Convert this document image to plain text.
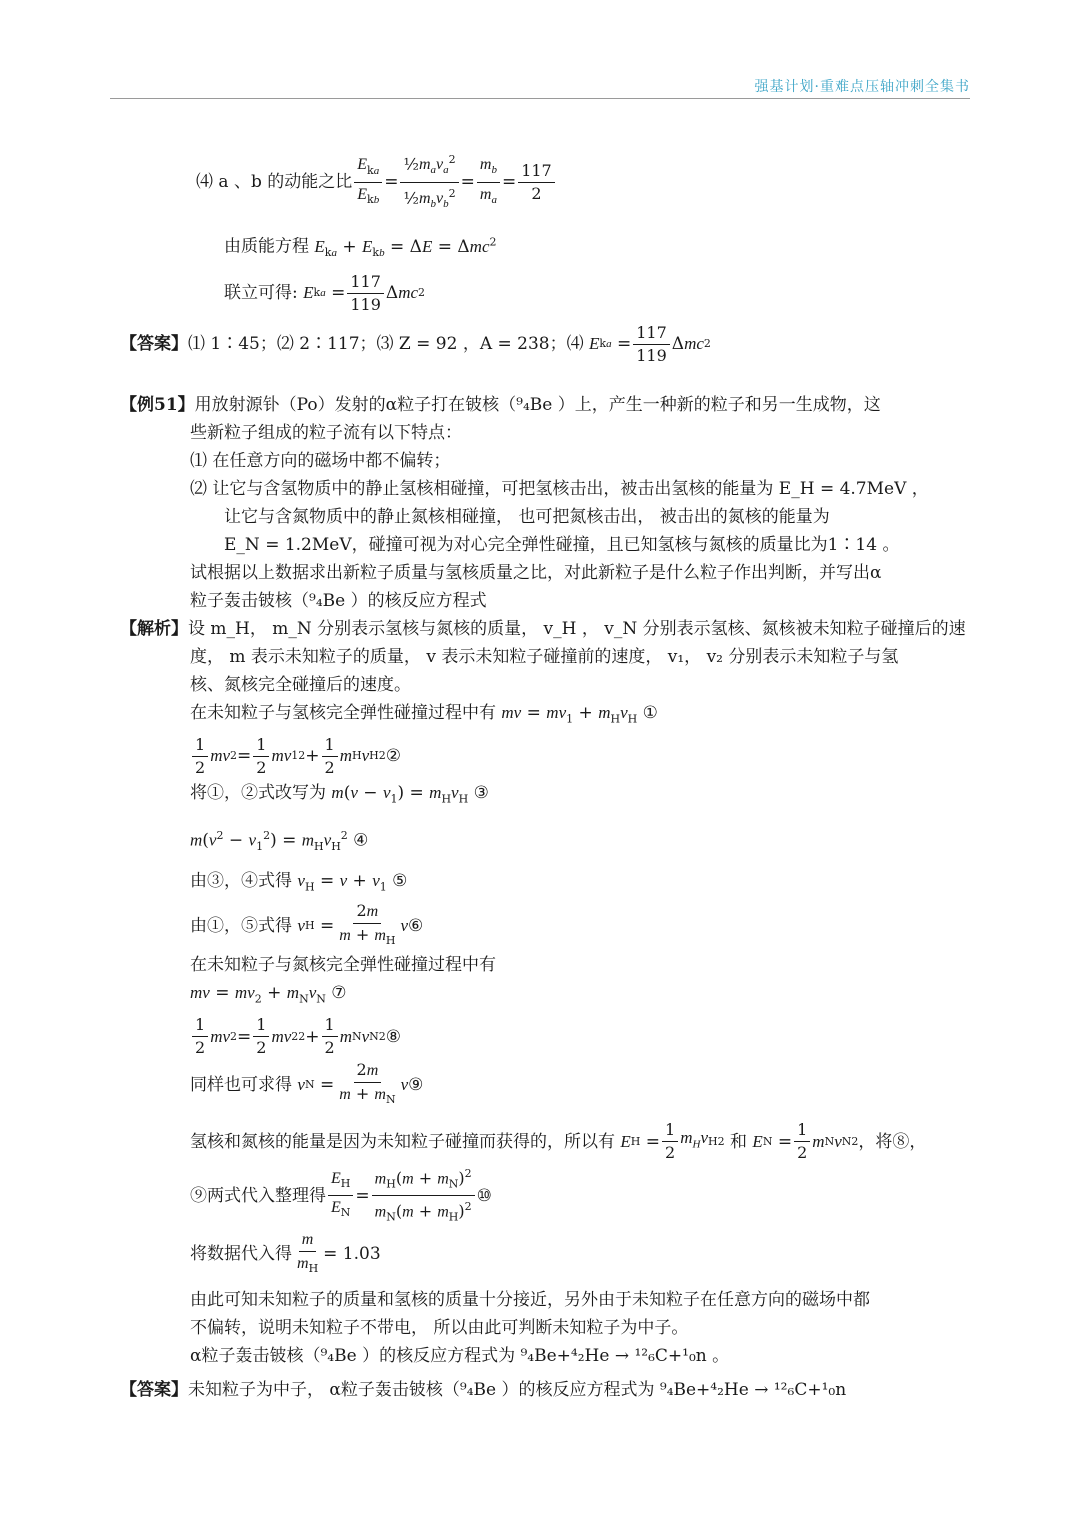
强基计划·重难点压轴冲刺全集书
⑷ a 、b 的动能之比 $\frac{E_{ka}}{E_{kb}} = \frac{\frac{1}{2}m_av_a^2}{\frac{1}{2}m_bv_b^2} = \frac{m_b}{m_a} = \frac{117}{2}$
由质能方程 $E_{ka} + E_{kb} = \Delta E = \Delta mc^2$
联立可得:
E ka = $\frac{117}{119}$ Δ mc 2
【答案】 ⑴ 1∶45；⑵ 2∶117；⑶ Z = 92 ，A = 238；⑷
E ka = $\frac{117}{119}$ Δ mc 2
【例51】用放射源钋（Po）发射的α粒子打在铍核（⁹₄Be ）上，产生一种新的粒子和另一生成物，这
些新粒子组成的粒子流有以下特点：
⑴ 在任意方向的磁场中都不偏转；
⑵ 让它与含氢物质中的静止氢核相碰撞，可把氢核击出，被击出氢核的能量为 E_H = 4.7MeV ，
让它与含氮物质中的静止氮核相碰撞， 也可把氮核击出， 被击出的氮核的能量为
E_N = 1.2MeV，碰撞可视为对心完全弹性碰撞，且已知氢核与氮核的质量比为1∶14 。
试根据以上数据求出新粒子质量与氢核质量之比，对此新粒子是什么粒子作出判断，并写出α
粒子轰击铍核（⁹₄Be ）的核反应方程式
【解析】设 m_H， m_N 分别表示氢核与氮核的质量， v_H ， v_N 分别表示氢核、氮核被未知粒子碰撞后的速
度， m 表示未知粒子的质量， v 表示未知粒子碰撞前的速度， v₁， v₂ 分别表示未知粒子与氢
核、氮核完全碰撞后的速度。
在未知粒子与氢核完全弹性碰撞过程中有 mv = $mv_1 + m_Hv_H$ ①
$\frac{1}{2}$ mv $2 = \frac{1}{2}$ mv 1 $2 + \frac{1}{2}$ m H v H 2 ②
将①，②式改写为 $m(v - v_1) = m_Hv_H$ ③
$m(v^2 - v_1^2) = m_Hv_H^2$ ④
由③，④式得 $v_H = v + v_1$ ⑤
由①，⑤式得
v $H = \frac{2m}{m + m_H}$ v ⑥
在未知粒子与氮核完全弹性碰撞过程中有
mv = $mv_2 + m_Nv_N$ ⑦
$\frac{1}{2}$ mv $2 = \frac{1}{2}$ mv 2 $2 + \frac{1}{2}$ m N v N 2 ⑧
同样也可求得
v $N = \frac{2m}{m + m_N}$ v ⑨
氢核和氮核的能量是因为未知粒子碰撞而获得的，所以有
E $H = \frac{1}{2} m_Hv$ H 2
和
E $N = \frac{1}{2}$ m N v N 2 ，将⑧，
⑨两式代入整理得 $\frac{E_H}{E_N} = \frac{m_H(m + m_N)^2}{m_N(m + m_H)^2}$ ⑩
将数据代入得 $\frac{m}{m_H} = 1.03$
由此可知未知粒子的质量和氢核的质量十分接近，另外由于未知粒子在任意方向的磁场中都
不偏转，说明未知粒子不带电， 所以由此可判断未知粒子为中子。
α粒子轰击铍核（⁹₄Be ）的核反应方程式为 ⁹₄Be+⁴₂He → ¹²₆C+¹₀n 。
【答案】未知粒子为中子， α粒子轰击铍核（⁹₄Be ）的核反应方程式为 ⁹₄Be+⁴₂He → ¹²₆C+¹₀n
